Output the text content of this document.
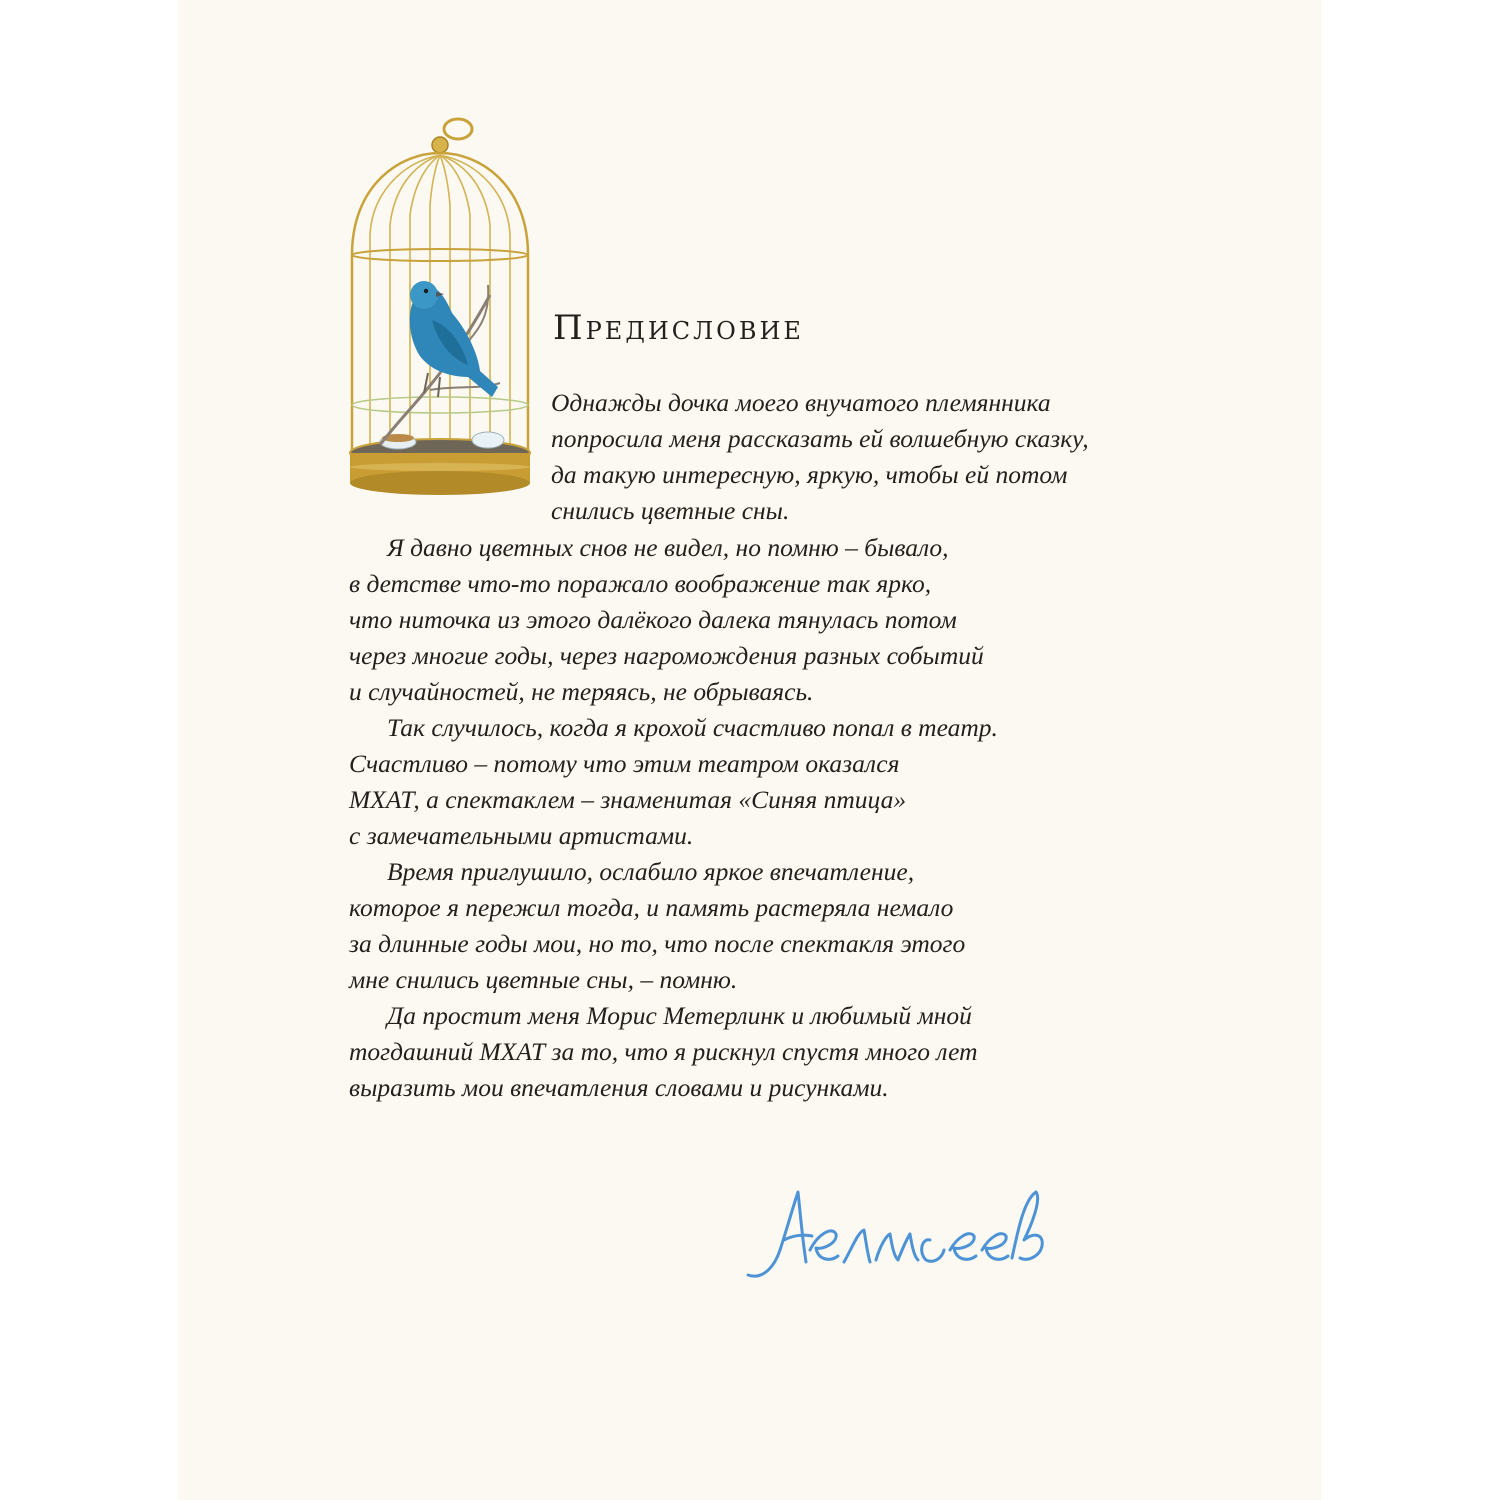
Предисловие
Однажды дочка моего внучатого племянника
попросила меня рассказать ей волшебную сказку,
да такую интересную, яркую, чтобы ей потом
снились цветные сны.
Я давно цветных снов не видел, но помню – бывало,
в детстве что-то поражало воображение так ярко,
что ниточка из этого далёкого далека тянулась потом
через многие годы, через нагромождения разных событий
и случайностей, не теряясь, не обрываясь.
Так случилось, когда я крохой счастливо попал в театр.
Счастливо – потому что этим театром оказался
МХАТ, а спектаклем – знаменитая «Синяя птица»
с замечательными артистами.
Время приглушило, ослабило яркое впечатление,
которое я пережил тогда, и память растеряла немало
за длинные годы мои, но то, что после спектакля этого
мне снились цветные сны, – помню.
Да простит меня Морис Метерлинк и любимый мной
тогдашний МХАТ за то, что я рискнул спустя много лет
выразить мои впечатления словами и рисунками.
